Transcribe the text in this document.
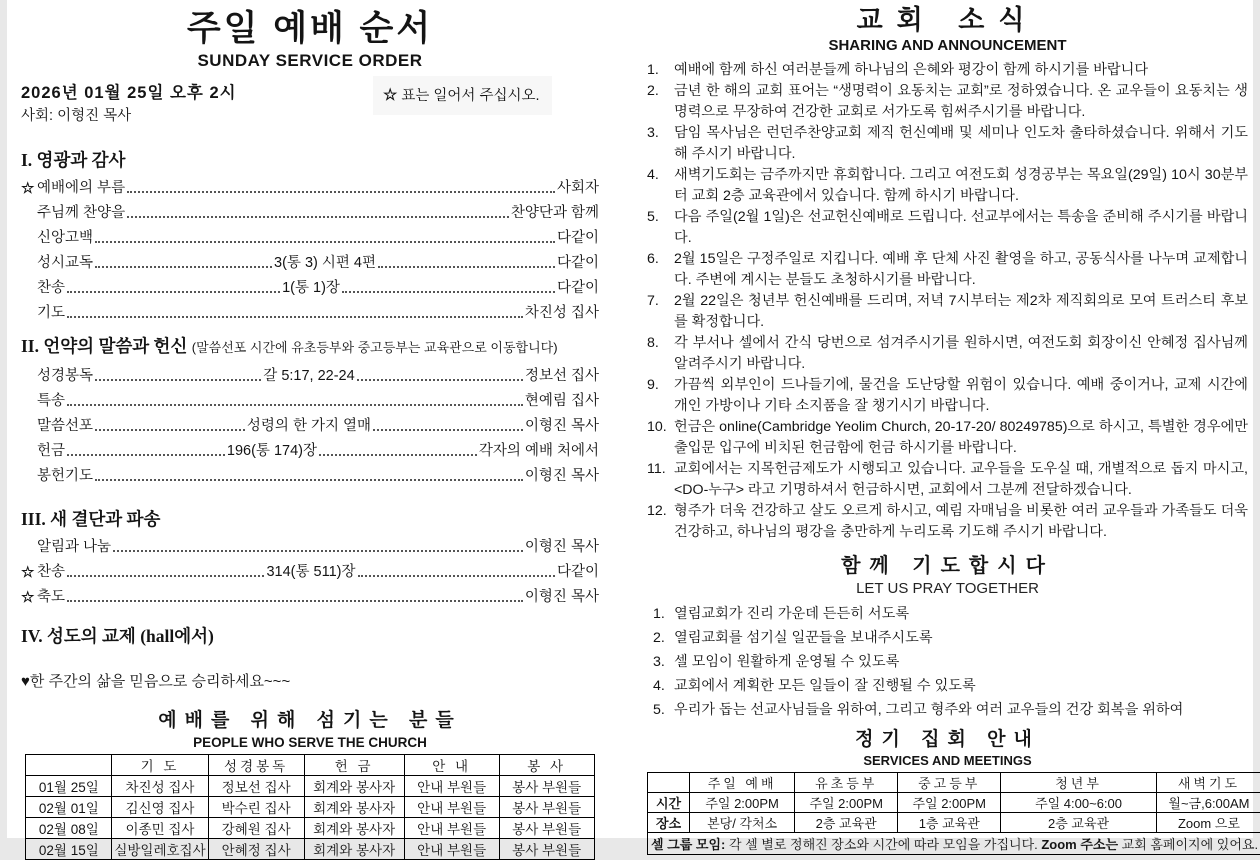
주일 예배 순서
SUNDAY SERVICE ORDER
2026년 01월 25일 오후 2시
사회: 이형진 목사
☆ 표는 일어서 주십시오.
I. 영광과 감사
☆ 예배에의 부름	사회자
주님께 찬양을	찬양단과 함께
신앙고백	다같이
성시교독	3(통 3) 시편 4편	다같이
찬송	1(통 1)장	다같이
기도	차진성 집사
II. 언약의 말씀과 헌신 (말씀선포 시간에 유초등부와 중고등부는 교육관으로 이동합니다)
성경봉독	갈 5:17, 22-24	정보선 집사
특송	현예림 집사
말씀선포	성령의 한 가지 열매	이형진 목사
헌금	196(통 174)장	각자의 예배 처에서
봉헌기도	이형진 목사
III. 새 결단과 파송
알림과 나눔	이형진 목사
☆ 찬송	314(통 511)장	다같이
☆ 축도	이형진 목사
IV. 성도의 교제 (hall에서)
♥한 주간의 삶을 믿음으로 승리하세요~~~
예배를 위해 섬기는 분들
PEOPLE WHO SERVE THE CHURCH
	기 도	성경봉독	헌 금	안 내	봉 사
01월 25일	차진성 집사	정보선 집사	회계와 봉사자	안내 부원들	봉사 부원들
02월 01일	김신영 집사	박수린 집사	회계와 봉사자	안내 부원들	봉사 부원들
02월 08일	이종민 집사	강혜원 집사	회계와 봉사자	안내 부원들	봉사 부원들
02월 15일	실방일레호집사	안혜정 집사	회계와 봉사자	안내 부원들	봉사 부원들
교회 소식
SHARING AND ANNOUNCEMENT
1.	예배에 함께 하신 여러분들께 하나님의 은혜와 평강이 함께 하시기를 바랍니다
2.	금년 한 해의 교회 표어는 “생명력이 요동치는 교회”로 정하였습니다. 온 교우들이 요동치는 생명력으로 무장하여 건강한 교회로 서가도록 힘써주시기를 바랍니다.
3.	담임 목사님은 런던주찬양교회 제직 헌신예배 및 세미나 인도차 출타하셨습니다. 위해서 기도해 주시기 바랍니다.
4.	새벽기도회는 금주까지만 휴회합니다. 그리고 여전도회 성경공부는 목요일(29일) 10시 30분부터 교회 2층 교육관에서 있습니다. 함께 하시기 바랍니다.
5.	다음 주일(2월 1일)은 선교헌신예배로 드립니다. 선교부에서는 특송을 준비해 주시기를 바랍니다.
6.	2월 15일은 구정주일로 지킵니다. 예배 후 단체 사진 촬영을 하고, 공동식사를 나누며 교제합니다. 주변에 계시는 분들도 초청하시기를 바랍니다.
7.	2월 22일은 청년부 헌신예배를 드리며, 저녁 7시부터는 제2차 제직회의로 모여 트러스티 후보를 확정합니다.
8.	각 부서나 셀에서 간식 당번으로 섬겨주시기를 원하시면, 여전도회 회장이신 안혜정 집사님께 알려주시기 바랍니다.
9.	가끔씩 외부인이 드나들기에, 물건을 도난당할 위험이 있습니다. 예배 중이거나, 교제 시간에 개인 가방이나 기타 소지품을 잘 챙기시기 바랍니다.
10. 헌금은 online(Cambridge Yeolim Church, 20-17-20/ 80249785)으로 하시고, 특별한 경우에만 출입문 입구에 비치된 헌금함에 헌금 하시기를 바랍니다.
11. 교회에서는 지목헌금제도가 시행되고 있습니다. 교우들을 도우실 때, 개별적으로 돕지 마시고, <DO-누구> 라고 기명하셔서 헌금하시면, 교회에서 그분께 전달하겠습니다.
12. 형주가 더욱 건강하고 살도 오르게 하시고, 예림 자매님을 비롯한 여러 교우들과 가족들도 더욱 건강하고, 하나님의 평강을 충만하게 누리도록 기도해 주시기 바랍니다.
함께 기도합시다
LET US PRAY TOGETHER
1. 열림교회가 진리 가운데 든든히 서도록
2. 열림교회를 섬기실 일꾼들을 보내주시도록
3. 셀 모임이 원활하게 운영될 수 있도록
4. 교회에서 계획한 모든 일들이 잘 진행될 수 있도록
5. 우리가 돕는 선교사님들을 위하여, 그리고 형주와 여러 교우들의 건강 회복을 위하여
정기 집회 안내
SERVICES AND MEETINGS
	주일 예배	유초등부	중고등부	청년부	새벽기도
시간	주일 2:00PM	주일 2:00PM	주일 2:00PM	주일 4:00~6:00	월~금,6:00AM
장소	본당/ 각처소	2층 교육관	1층 교육관	2층 교육관	Zoom 으로
셀 그룹 모임: 각 셀 별로 정해진 장소와 시간에 따라 모임을 가집니다. Zoom 주소는 교회 홈페이지에 있어요.					
